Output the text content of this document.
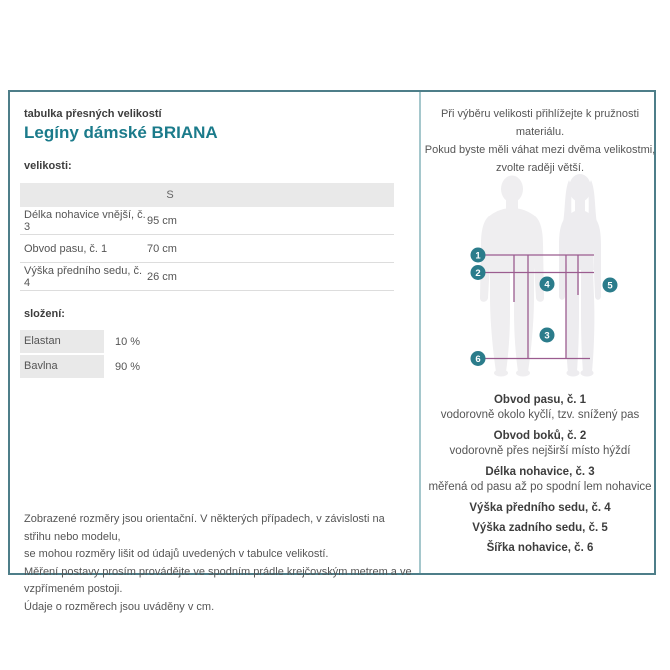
tabulka přesných velikostí
Legíny dámské BRIANA
velikosti:
S
Délka nohavice vnější, č. 3	95 cm
Obvod pasu, č. 1	70 cm
Výška předního sedu, č. 4	26 cm
složení:
Elastan	10 %
Bavlna	90 %
Zobrazené rozměry jsou orientační. V některých případech, v závislosti na střihu nebo modelu,
se mohou rozměry lišit od údajů uvedených v tabulce velikostí.
Měření postavy prosím provádějte ve spodním prádle krejčovským metrem a ve vzpřímeném postoji.
Údaje o rozměrech jsou uváděny v cm.
Při výběru velikosti přihlížejte k pružnosti materiálu.
Pokud byste měli váhat mezi dvěma velikostmi,
zvolte raději větší.
1
2
3
4	5
6
Obvod pasu, č. 1
vodorovně okolo kyčlí, tzv. snížený pas
Obvod boků, č. 2
vodorovně přes nejširší místo hýždí
Délka nohavice, č. 3
měřená od pasu až po spodní lem nohavice
Výška předního sedu, č. 4
Výška zadního sedu, č. 5
Šířka nohavice, č. 6
